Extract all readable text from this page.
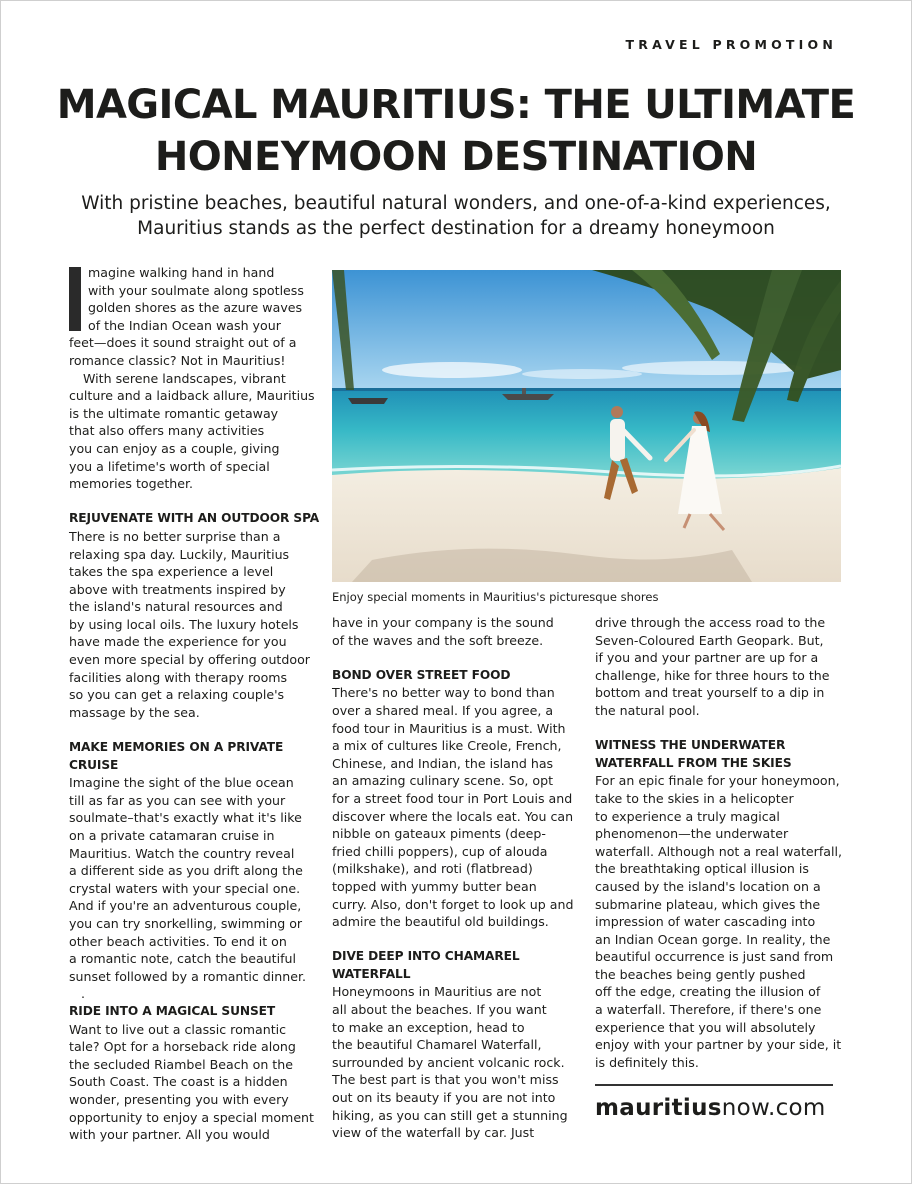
TRAVEL PROMOTION
MAGICAL MAURITIUS: THE ULTIMATE
HONEYMOON DESTINATION
With pristine beaches, beautiful natural wonders, and one-of-a-kind experiences,
Mauritius stands as the perfect destination for a dreamy honeymoon
I	magine walking hand in hand

with your soulmate along spotless

golden shores as the azure waves

of the Indian Ocean wash your

feet—does it sound straight out of a

romance classic? Not in Mauritius!

With serene landscapes, vibrant

culture and a laidback allure, Mauritius

is the ultimate romantic getaway

that also offers many activities

you can enjoy as a couple, giving

you a lifetime's worth of special

memories together.

REJUVENATE WITH AN OUTDOOR SPA

There is no better surprise than a

relaxing spa day. Luckily, Mauritius

takes the spa experience a level

above with treatments inspired by

the island's natural resources and

by using local oils. The luxury hotels

have made the experience for you

even more special by offering outdoor

facilities along with therapy rooms

so you can get a relaxing couple's

massage by the sea.

MAKE MEMORIES ON A PRIVATE CRUISE

Imagine the sight of the blue ocean

till as far as you can see with your

soulmate–that's exactly what it's like

on a private catamaran cruise in

Mauritius. Watch the country reveal

a different side as you drift along the

crystal waters with your special one.

And if you're an adventurous couple,

you can try snorkelling, swimming or

other beach activities. To end it on

a romantic note, catch the beautiful

sunset followed by a romantic dinner.

.

RIDE INTO A MAGICAL SUNSET

Want to live out a classic romantic

tale? Opt for a horseback ride along

the secluded Riambel Beach on the

South Coast. The coast is a hidden

wonder, presenting you with every

opportunity to enjoy a special moment

with your partner. All you would

Enjoy special moments in Mauritius's picturesque shores

have in your company is the sound

of the waves and the soft breeze.

BOND OVER STREET FOOD

There's no better way to bond than

over a shared meal. If you agree, a

food tour in Mauritius is a must. With

a mix of cultures like Creole, French,

Chinese, and Indian, the island has

an amazing culinary scene. So, opt

for a street food tour in Port Louis and

discover where the locals eat. You can

nibble on gateaux piments (deep-

fried chilli poppers), cup of alouda

(milkshake), and roti (flatbread)

topped with yummy butter bean

curry. Also, don't forget to look up and

admire the beautiful old buildings.

DIVE DEEP INTO CHAMAREL WATERFALL

Honeymoons in Mauritius are not

all about the beaches. If you want

to make an exception, head to

the beautiful Chamarel Waterfall,

surrounded by ancient volcanic rock.

The best part is that you won't miss

out on its beauty if you are not into

hiking, as you can still get a stunning

view of the waterfall by car. Just

drive through the access road to the

Seven-Coloured Earth Geopark. But,

if you and your partner are up for a

challenge, hike for three hours to the

bottom and treat yourself to a dip in

the natural pool.

WITNESS THE UNDERWATER
WATERFALL FROM THE SKIES

For an epic finale for your honeymoon,

take to the skies in a helicopter

to experience a truly magical

phenomenon—the underwater

waterfall. Although not a real waterfall,

the breathtaking optical illusion is

caused by the island's location on a

submarine plateau, which gives the

impression of water cascading into

an Indian Ocean gorge. In reality, the

beautiful occurrence is just sand from

the beaches being gently pushed

off the edge, creating the illusion of

a waterfall. Therefore, if there's one

experience that you will absolutely

enjoy with your partner by your side, it

is definitely this.

mauritiusnow.com
